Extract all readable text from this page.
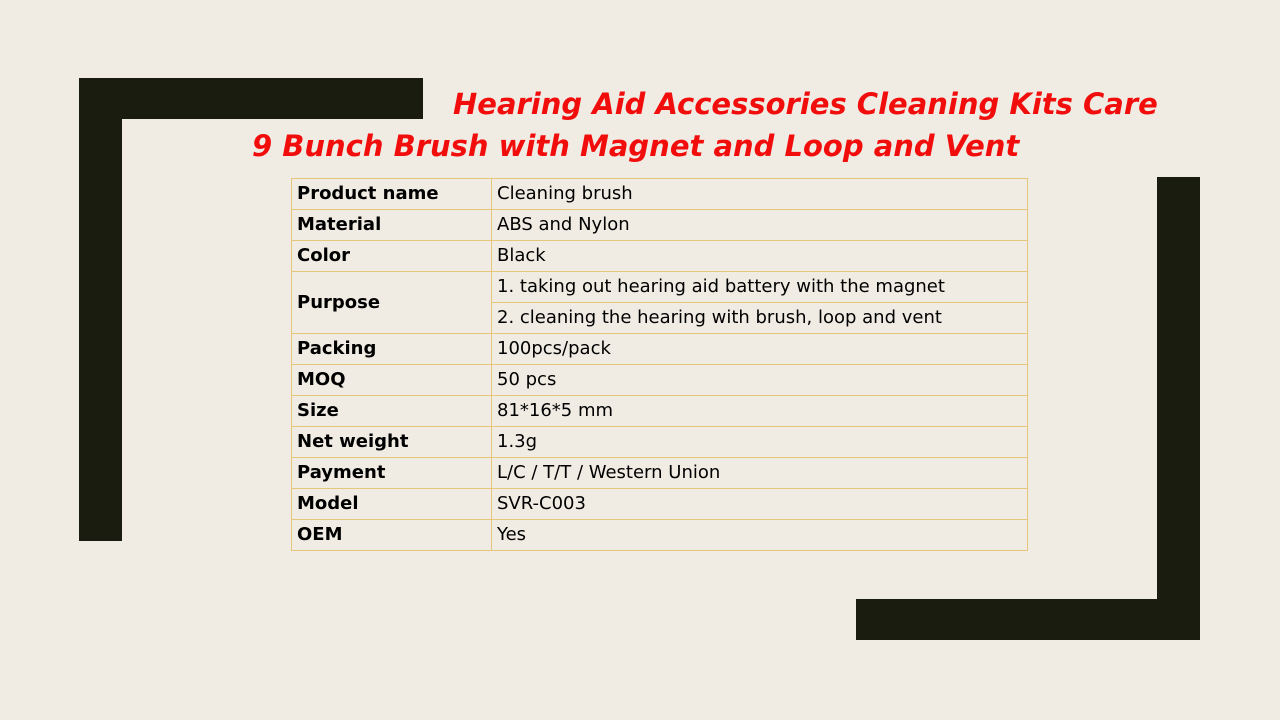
Hearing Aid Accessories Cleaning Kits Care
9 Bunch Brush with Magnet and Loop and Vent
Product name	Cleaning brush
Material	ABS and Nylon
Color	Black
Purpose	1. taking out hearing aid battery with the magnet
	2. cleaning the hearing with brush, loop and vent
Packing	100pcs/pack
MOQ	50 pcs
Size	81*16*5 mm
Net weight	1.3g
Payment	L/C / T/T / Western Union
Model	SVR-C003
OEM	Yes
